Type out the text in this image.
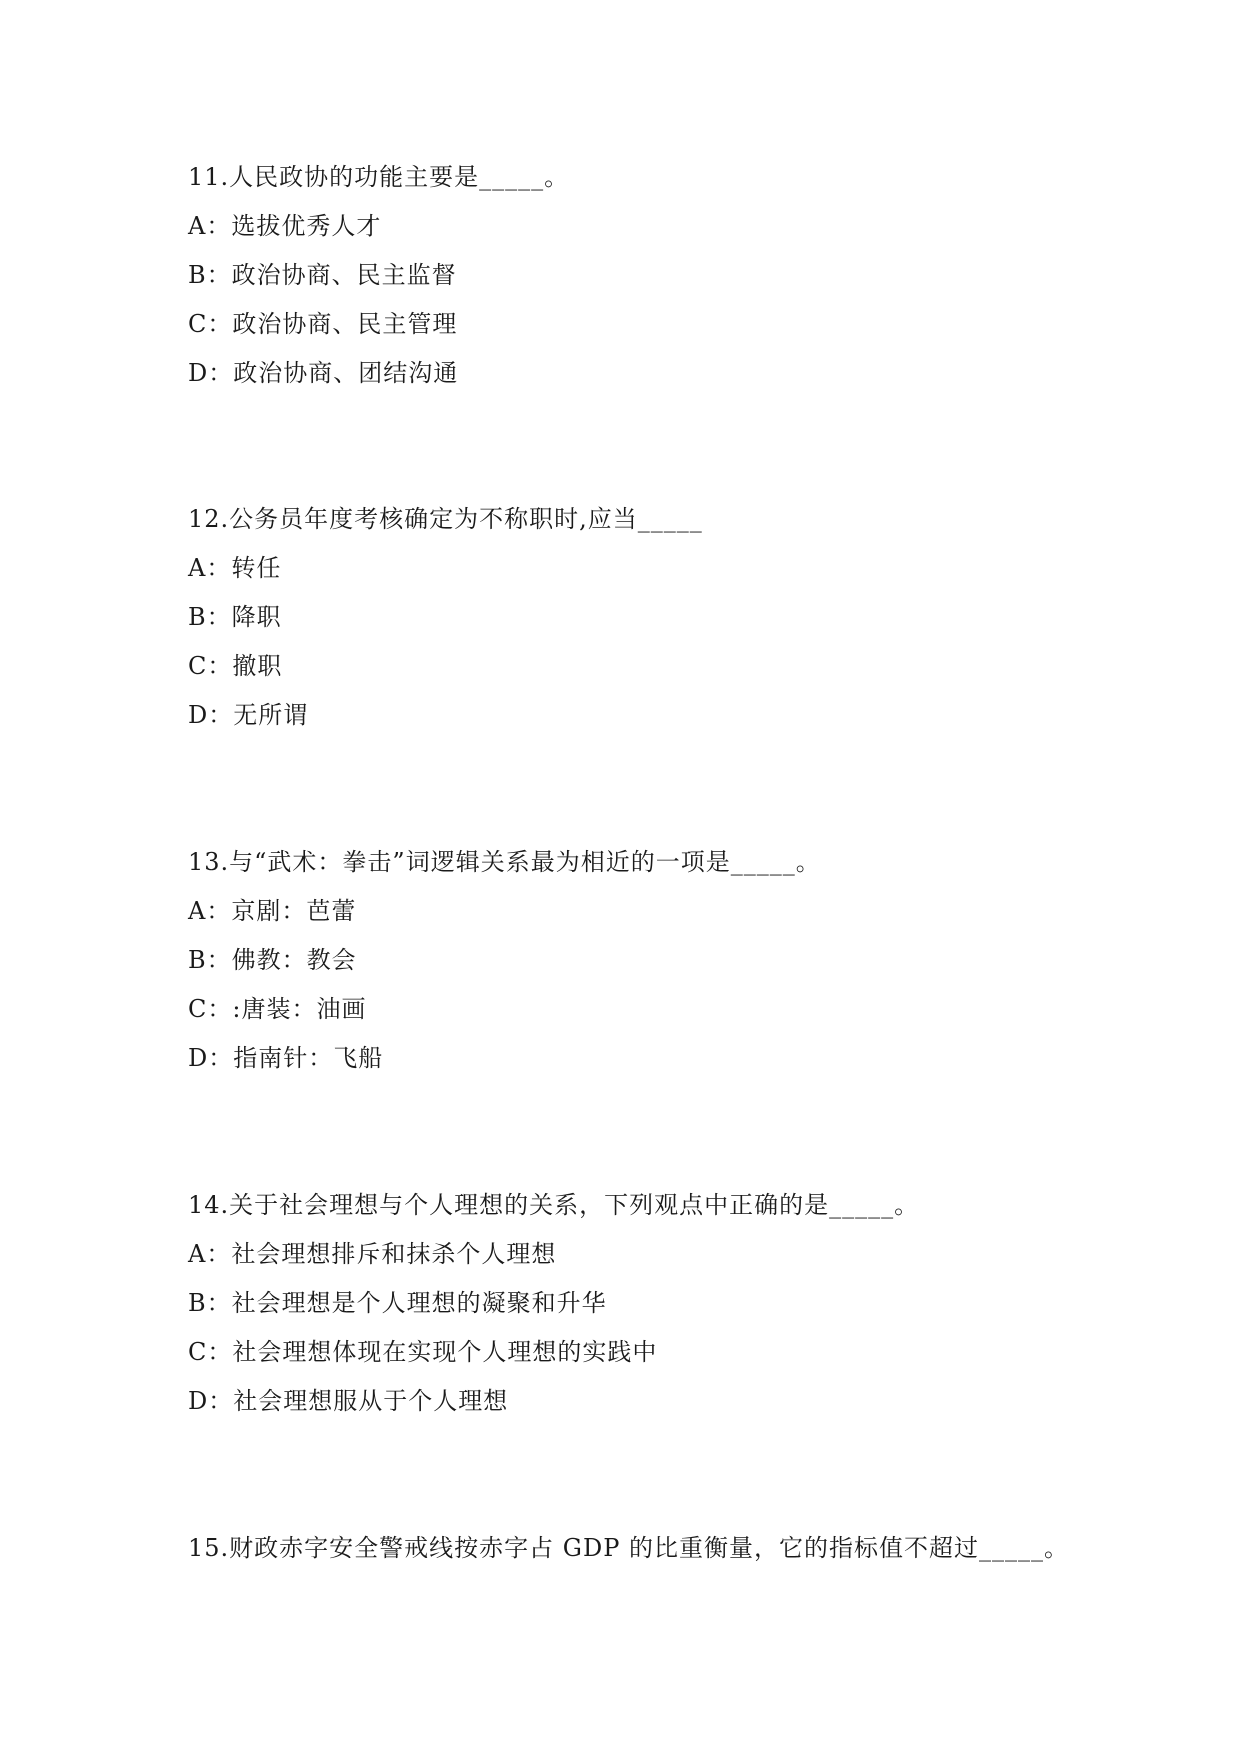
11.人民政协的功能主要是_____。
A：选拔优秀人才
B：政治协商、民主监督
C：政治协商、民主管理
D：政治协商、团结沟通
12.公务员年度考核确定为不称职时,应当_____
A：转任
B：降职
C：撤职
D：无所谓
13.与“武术：拳击”词逻辑关系最为相近的一项是_____。
A：京剧：芭蕾
B：佛教：教会
C：:唐装：油画
D：指南针：飞船
14.关于社会理想与个人理想的关系，下列观点中正确的是_____。
A：社会理想排斥和抹杀个人理想
B：社会理想是个人理想的凝聚和升华
C：社会理想体现在实现个人理想的实践中
D：社会理想服从于个人理想
15.财政赤字安全警戒线按赤字占 GDP 的比重衡量，它的指标值不超过_____。
